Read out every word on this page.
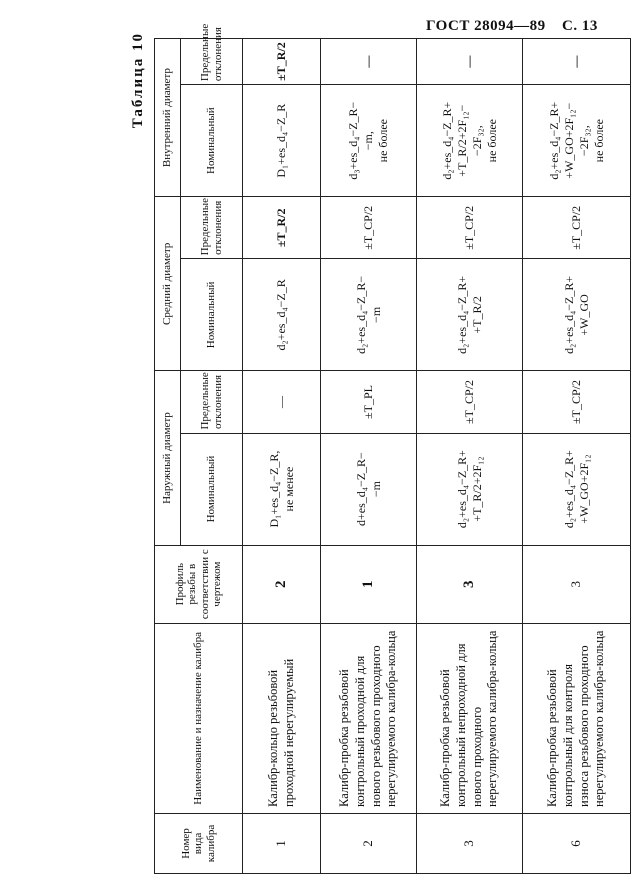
ГОСТ 28094—89 С. 13
Таблица 10
Номер вида калибра	Наименование и назначение калибра	Профиль резьбы в соответствии с чертежом	Наружный диаметр		Средний диаметр		Внутренний диаметр	
			Номинальный	Предельные отклонения	Номинальный	Предельные отклонения	Номинальный	Предельные отклонения
1	Калибр-кольцо резьбовой проходной нерегулируемый	2	D₁+es_d₄−Z_R,
не менее	—	d₂+es_d₄−Z_R	±T_R/2	D₁+es_d₄−Z_R	±T_R/2
2	Калибр-пробка резьбовой контрольный проходной для нового резьбового проходного нерегулируемого калибра-кольца	1	d+es_d₄−Z_R−
−m	±T_PL	d₂+es_d₄−Z_R−
−m	±T_CP/2	d₃+es_d₄−Z_R−
−m,
не более	—
3	Калибр-пробка резьбовой контрольный непроходной для нового проходного нерегулируемого калибра-кольца	3	d₂+es_d₄−Z_R+
+T_R/2+2F₁₂	±T_CP/2	d₂+es_d₄−Z_R+
+T_R/2	±T_CP/2	d₂+es_d₄−Z_R+
+T_R/2+2F₁₂−
−2F₃₂,
не более	—
6	Калибр-пробка резьбовой контрольный для контроля износа резьбового проходного нерегулируемого калибра-кольца	3	d₂+es_d₄−Z_R+
+W_GO+2F₁₂	±T_CP/2	d₂+es_d₄−Z_R+
+W_GO	±T_CP/2	d₂+es_d₄−Z_R+
+W_GO+2F₁₂−
−2F₃₂,
не более	—
